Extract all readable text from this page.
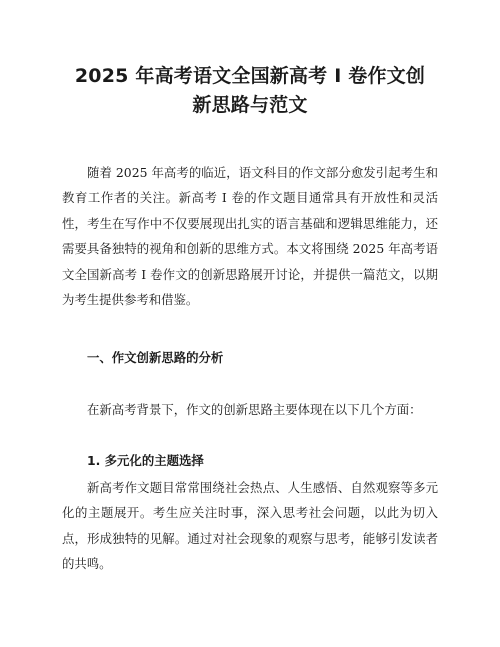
2025 年高考语文全国新高考 I 卷作文创
新思路与范文

随着 2025 年高考的临近，语文科目的作文部分愈发引起考生和教育工作者的关注。新高考 I 卷的作文题目通常具有开放性和灵活性，考生在写作中不仅要展现出扎实的语言基础和逻辑思维能力，还需要具备独特的视角和创新的思维方式。本文将围绕 2025 年高考语文全国新高考 I 卷作文的创新思路展开讨论，并提供一篇范文，以期为考生提供参考和借鉴。

一、作文创新思路的分析

在新高考背景下，作文的创新思路主要体现在以下几个方面：

1. 多元化的主题选择

新高考作文题目常常围绕社会热点、人生感悟、自然观察等多元化的主题展开。考生应关注时事，深入思考社会问题，以此为切入点，形成独特的见解。通过对社会现象的观察与思考，能够引发读者的共鸣。
